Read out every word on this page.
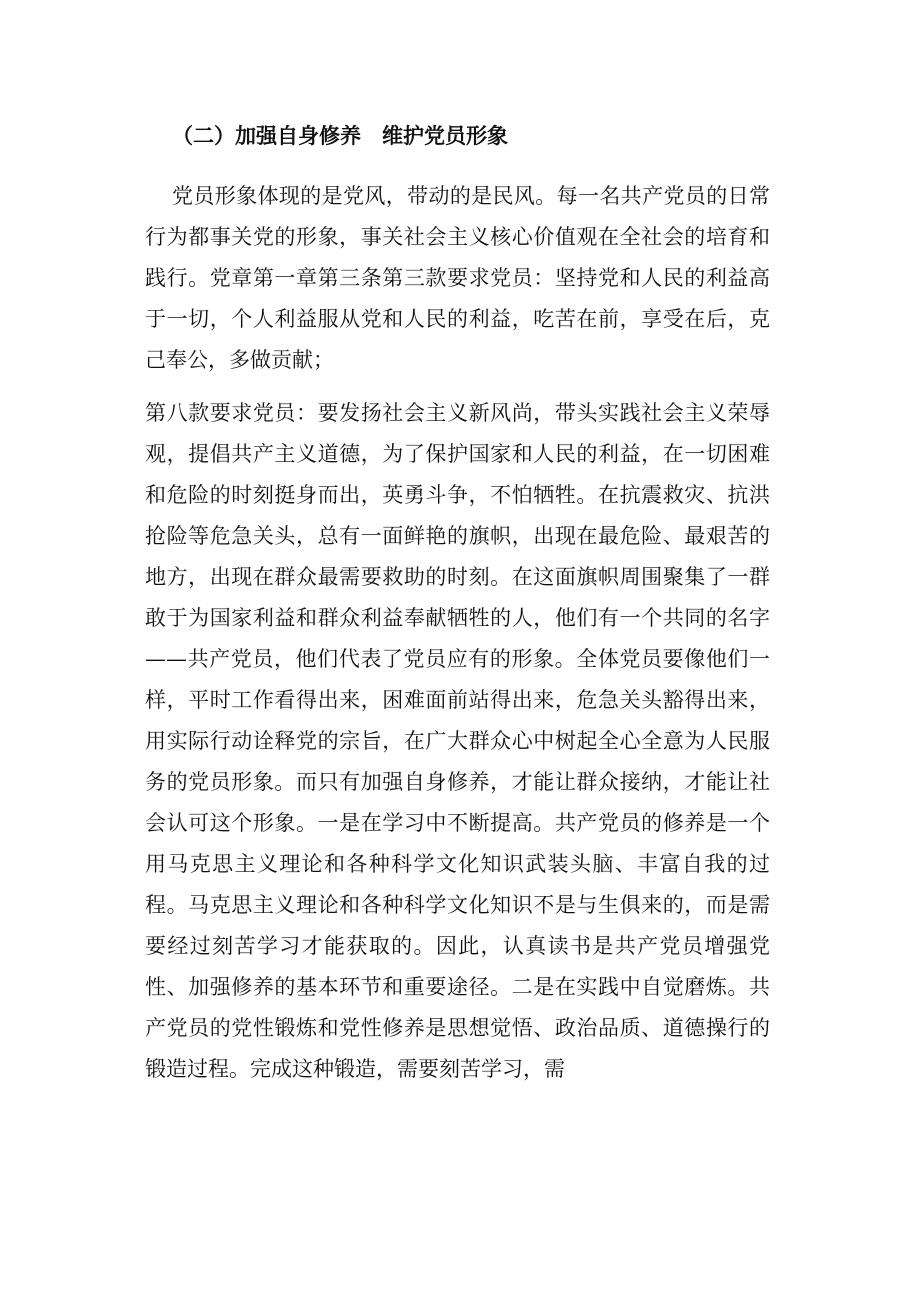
（二）加强自身修养　维护党员形象

党员形象体现的是党风，带动的是民风。每一名共产党员的日常行为都事关党的形象，事关社会主义核心价值观在全社会的培育和践行。党章第一章第三条第三款要求党员：坚持党和人民的利益高于一切，个人利益服从党和人民的利益，吃苦在前，享受在后，克己奉公，多做贡献；

第八款要求党员：要发扬社会主义新风尚，带头实践社会主义荣辱观，提倡共产主义道德，为了保护国家和人民的利益，在一切困难和危险的时刻挺身而出，英勇斗争，不怕牺牲。在抗震救灾、抗洪抢险等危急关头，总有一面鲜艳的旗帜，出现在最危险、最艰苦的地方，出现在群众最需要救助的时刻。在这面旗帜周围聚集了一群敢于为国家利益和群众利益奉献牺牲的人，他们有一个共同的名字——共产党员，他们代表了党员应有的形象。全体党员要像他们一样，平时工作看得出来，困难面前站得出来，危急关头豁得出来，用实际行动诠释党的宗旨，在广大群众心中树起全心全意为人民服务的党员形象。而只有加强自身修养，才能让群众接纳，才能让社会认可这个形象。一是在学习中不断提高。共产党员的修养是一个用马克思主义理论和各种科学文化知识武装头脑、丰富自我的过程。马克思主义理论和各种科学文化知识不是与生俱来的，而是需要经过刻苦学习才能获取的。因此，认真读书是共产党员增强党性、加强修养的基本环节和重要途径。二是在实践中自觉磨炼。共产党员的党性锻炼和党性修养是思想觉悟、政治品质、道德操行的锻造过程。完成这种锻造，需要刻苦学习，需
